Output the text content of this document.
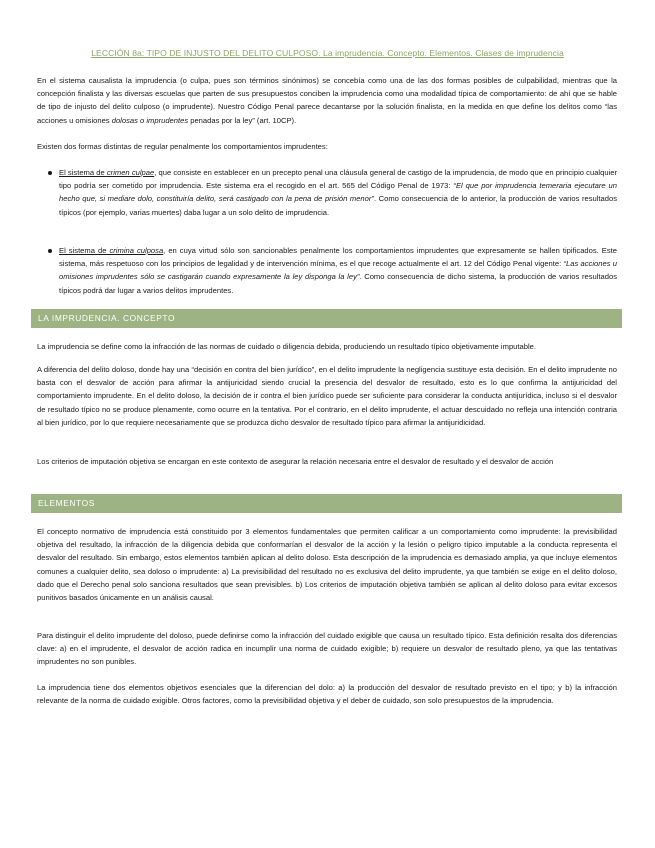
LECCIÓN 8a: TIPO DE INJUSTO DEL DELITO CULPOSO. La imprudencia. Concepto. Elementos. Clases de imprudencia

En el sistema causalista la imprudencia (o culpa, pues son términos sinónimos) se concebía como una de las dos formas posibles de culpabilidad, mientras que la concepción finalista y las diversas escuelas que parten de sus presupuestos conciben la imprudencia como una modalidad típica de comportamiento: de ahí que se hable de tipo de injusto del delito culposo (o imprudente). Nuestro Código Penal parece decantarse por la solución finalista, en la medida en que define los delitos como “las acciones u omisiones dolosas o imprudentes penadas por la ley” (art. 10CP).

Existen dos formas distintas de regular penalmente los comportamientos imprudentes:

El sistema de crimen culpae, que consiste en establecer en un precepto penal una cláusula general de castigo de la imprudencia, de modo que en principio cualquier tipo podría ser cometido por imprudencia. Este sistema era el recogido en el art. 565 del Código Penal de 1973: “El que por imprudencia temeraria ejecutare un hecho que, si mediare dolo, constituiría delito, será castigado con la pena de prisión menor”. Como consecuencia de lo anterior, la producción de varios resultados típicos (por ejemplo, varias muertes) daba lugar a un solo delito de imprudencia.

El sistema de crimina culposa, en cuya virtud sólo son sancionables penalmente los comportamientos imprudentes que expresamente se hallen tipificados. Este sistema, más respetuoso con los principios de legalidad y de intervención mínima, es el que recoge actualmente el art. 12 del Código Penal vigente: “Las acciones u omisiones imprudentes sólo se castigarán cuando expresamente la ley disponga la ley”. Como consecuencia de dicho sistema, la producción de varios resultados típicos podrá dar lugar a varios delitos imprudentes.

LA IMPRUDENCIA. CONCEPTO

La imprudencia se define como la infracción de las normas de cuidado o diligencia debida, produciendo un resultado típico objetivamente imputable.

A diferencia del delito doloso, donde hay una “decisión en contra del bien jurídico”, en el delito imprudente la negligencia sustituye esta decisión. En el delito imprudente no basta con el desvalor de acción para afirmar la antijuricidad siendo crucial la presencia del desvalor de resultado, esto es lo que confirma la antijuricidad del comportamiento imprudente. En el delito doloso, la decisión de ir contra el bien jurídico puede ser suficiente para considerar la conducta antijurídica, incluso si el desvalor de resultado típico no se produce plenamente, como ocurre en la tentativa. Por el contrario, en el delito imprudente, el actuar descuidado no refleja una intención contraria al bien jurídico, por lo que requiere necesariamente que se produzca dicho desvalor de resultado típico para afirmar la antijuridicidad.

Los criterios de imputación objetiva se encargan en este contexto de asegurar la relación necesaria entre el desvalor de resultado y el desvalor de acción

ELEMENTOS

El concepto normativo de imprudencia está constituido por 3 elementos fundamentales que permiten calificar a un comportamiento como imprudente: la previsibilidad objetiva del resultado, la infracción de la diligencia debida que conformarían el desvalor de la acción y la lesión o peligro típico imputable a la conducta representa el desvalor del resultado. Sin embargo, estos elementos también aplican al delito doloso. Esta descripción de la imprudencia es demasiado amplia, ya que incluye elementos comunes a cualquier delito, sea doloso o imprudente: a) La previsibilidad del resultado no es exclusiva del delito imprudente, ya que también se exige en el delito doloso, dado que el Derecho penal solo sanciona resultados que sean previsibles. b) Los criterios de imputación objetiva también se aplican al delito doloso para evitar excesos punitivos basados únicamente en un análisis causal.

Para distinguir el delito imprudente del doloso, puede definirse como la infracción del cuidado exigible que causa un resultado típico. Esta definición resalta dos diferencias clave: a) en el imprudente, el desvalor de acción radica en incumplir una norma de cuidado exigible; b) requiere un desvalor de resultado pleno, ya que las tentativas imprudentes no son punibles.

La imprudencia tiene dos elementos objetivos esenciales que la diferencian del dolo: a) la producción del desvalor de resultado previsto en el tipo; y b) la infracción relevante de la norma de cuidado exigible. Otros factores, como la previsibilidad objetiva y el deber de cuidado, son solo presupuestos de la imprudencia.
